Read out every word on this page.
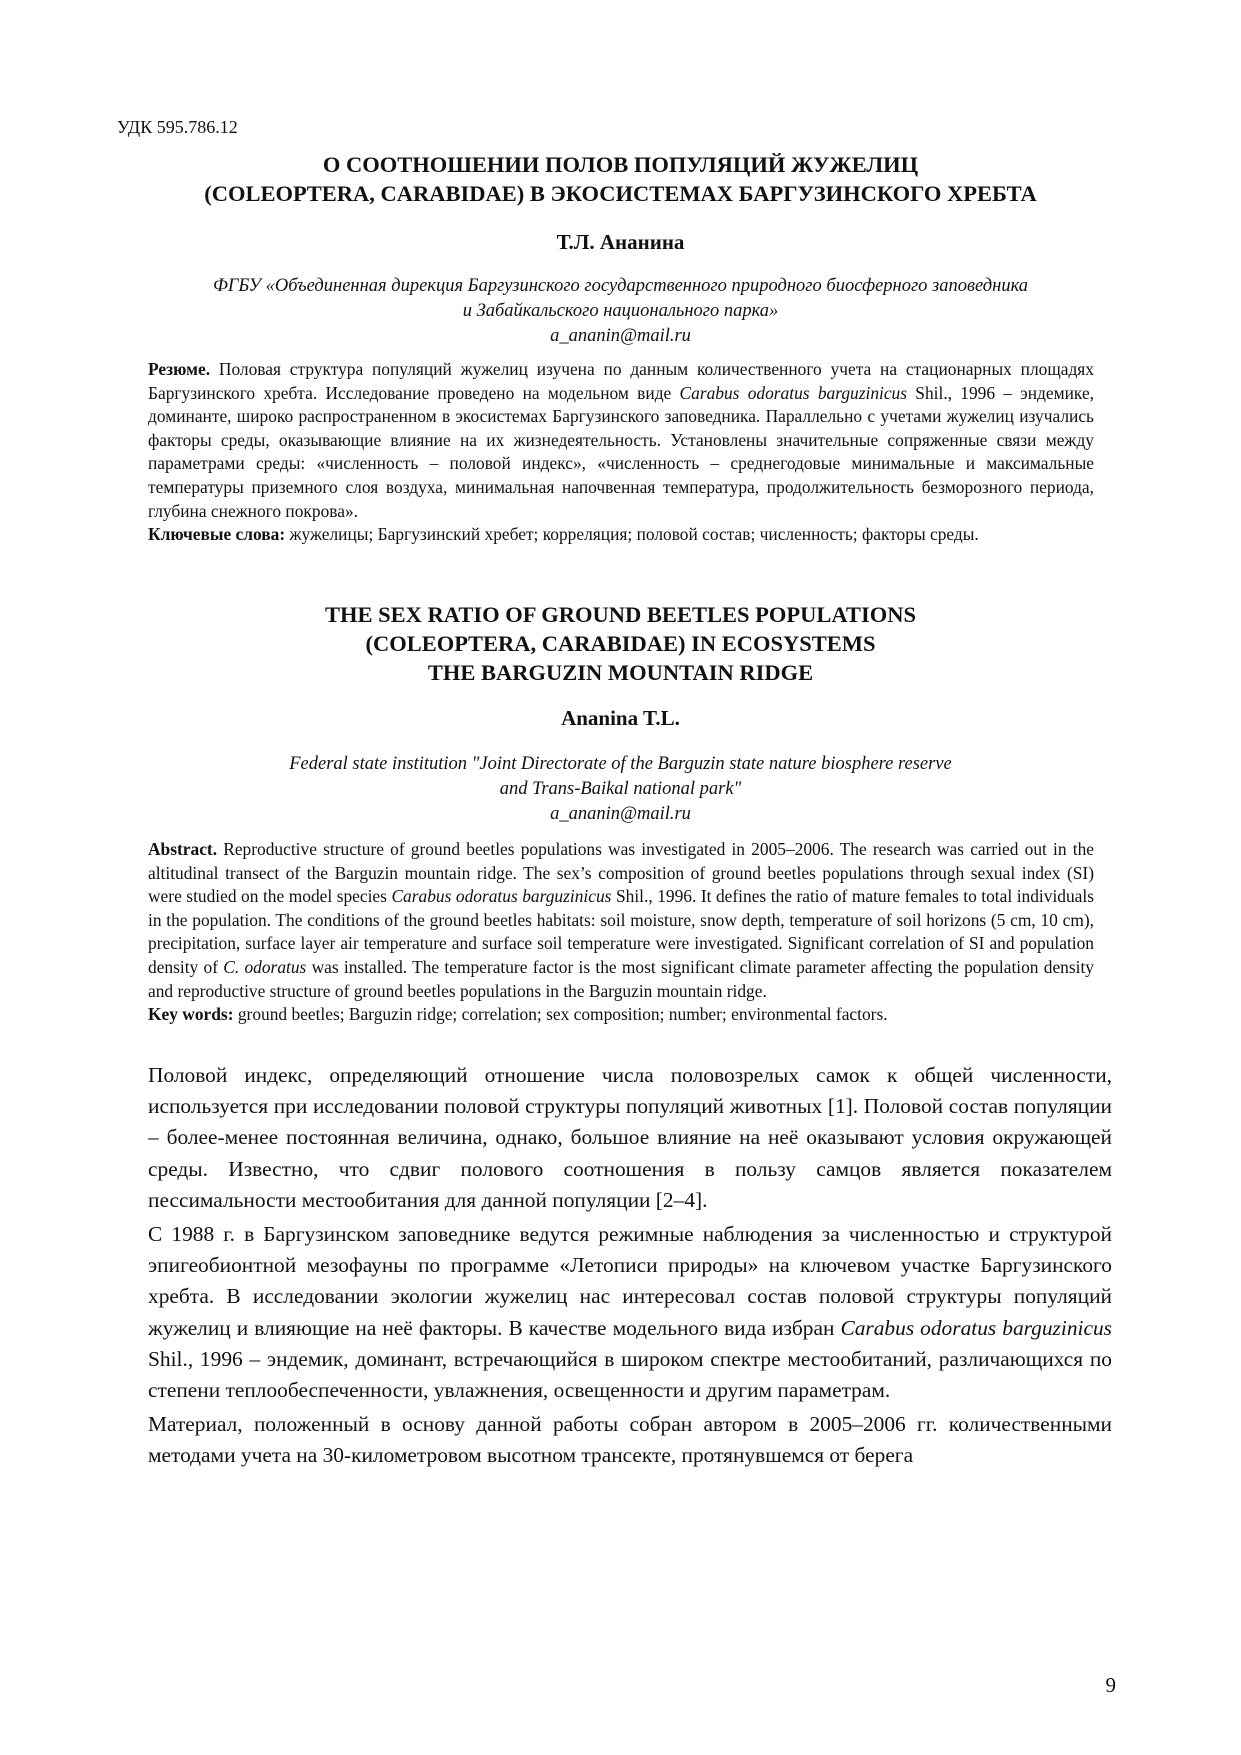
УДК 595.786.12
О СООТНОШЕНИИ ПОЛОВ ПОПУЛЯЦИЙ ЖУЖЕЛИЦ
(COLEOPTERA, CARABIDAE) В ЭКОСИСТЕМАХ БАРГУЗИНСКОГО ХРЕБТА
Т.Л. Ананина
ФГБУ «Объединенная дирекция Баргузинского государственного природного биосферного заповедника
и Забайкальского национального парка»
a_ananin@mail.ru
Резюме. Половая структура популяций жужелиц изучена по данным количественного учета на стационарных площадях Баргузинского хребта. Исследование проведено на модельном виде Carabus odoratus barguzinicus Shil., 1996 – эндемике, доминанте, широко распространенном в экосистемах Баргузинского заповедника. Параллельно с учетами жужелиц изучались факторы среды, оказывающие влияние на их жизнедеятельность. Установлены значительные сопряженные связи между параметрами среды: «численность – половой индекс», «численность – среднегодовые минимальные и максимальные температуры приземного слоя воздуха, минимальная напочвенная температура, продолжительность безморозного периода, глубина снежного покрова».
Ключевые слова: жужелицы; Баргузинский хребет; корреляция; половой состав; численность; факторы среды.
THE SEX RATIO OF GROUND BEETLES POPULATIONS
(COLEOPTERA, CARABIDAE) IN ECOSYSTEMS
THE BARGUZIN MOUNTAIN RIDGE
Ananina T.L.
Federal state institution "Joint Directorate of the Barguzin state nature biosphere reserve
and Trans-Baikal national park"
a_ananin@mail.ru
Abstract. Reproductive structure of ground beetles populations was investigated in 2005–2006. The research was carried out in the altitudinal transect of the Barguzin mountain ridge. The sex’s composition of ground beetles populations through sexual index (SI) were studied on the model species Carabus odoratus barguzinicus Shil., 1996. It defines the ratio of mature females to total individuals in the population. The conditions of the ground beetles habitats: soil moisture, snow depth, temperature of soil horizons (5 cm, 10 cm), precipitation, surface layer air temperature and surface soil temperature were investigated. Significant correlation of SI and population density of C. odoratus was installed. The temperature factor is the most significant climate parameter affecting the population density and reproductive structure of ground beetles populations in the Barguzin mountain ridge.
Key words: ground beetles; Barguzin ridge; correlation; sex composition; number; environmental factors.

Половой индекс, определяющий отношение числа половозрелых самок к общей численности, используется при исследовании половой структуры популяций животных [1]. Половой состав популяции – более-менее постоянная величина, однако, большое влияние на неё оказывают условия окружающей среды. Известно, что сдвиг полового соотношения в пользу самцов является показателем пессимальности местообитания для данной популяции [2–4].

С 1988 г. в Баргузинском заповеднике ведутся режимные наблюдения за численностью и структурой эпигеобионтной мезофауны по программе «Летописи природы» на ключевом участке Баргузинского хребта. В исследовании экологии жужелиц нас интересовал состав половой структуры популяций жужелиц и влияющие на неё факторы. В качестве модельного вида избран Carabus odoratus barguzinicus Shil., 1996 – эндемик, доминант, встречающийся в широком спектре местообитаний, различающихся по степени теплообеспеченности, увлажнения, освещенности и другим параметрам.

Материал, положенный в основу данной работы собран автором в 2005–2006 гг. количественными методами учета на 30-километровом высотном трансекте, протянувшемся от берега

9
